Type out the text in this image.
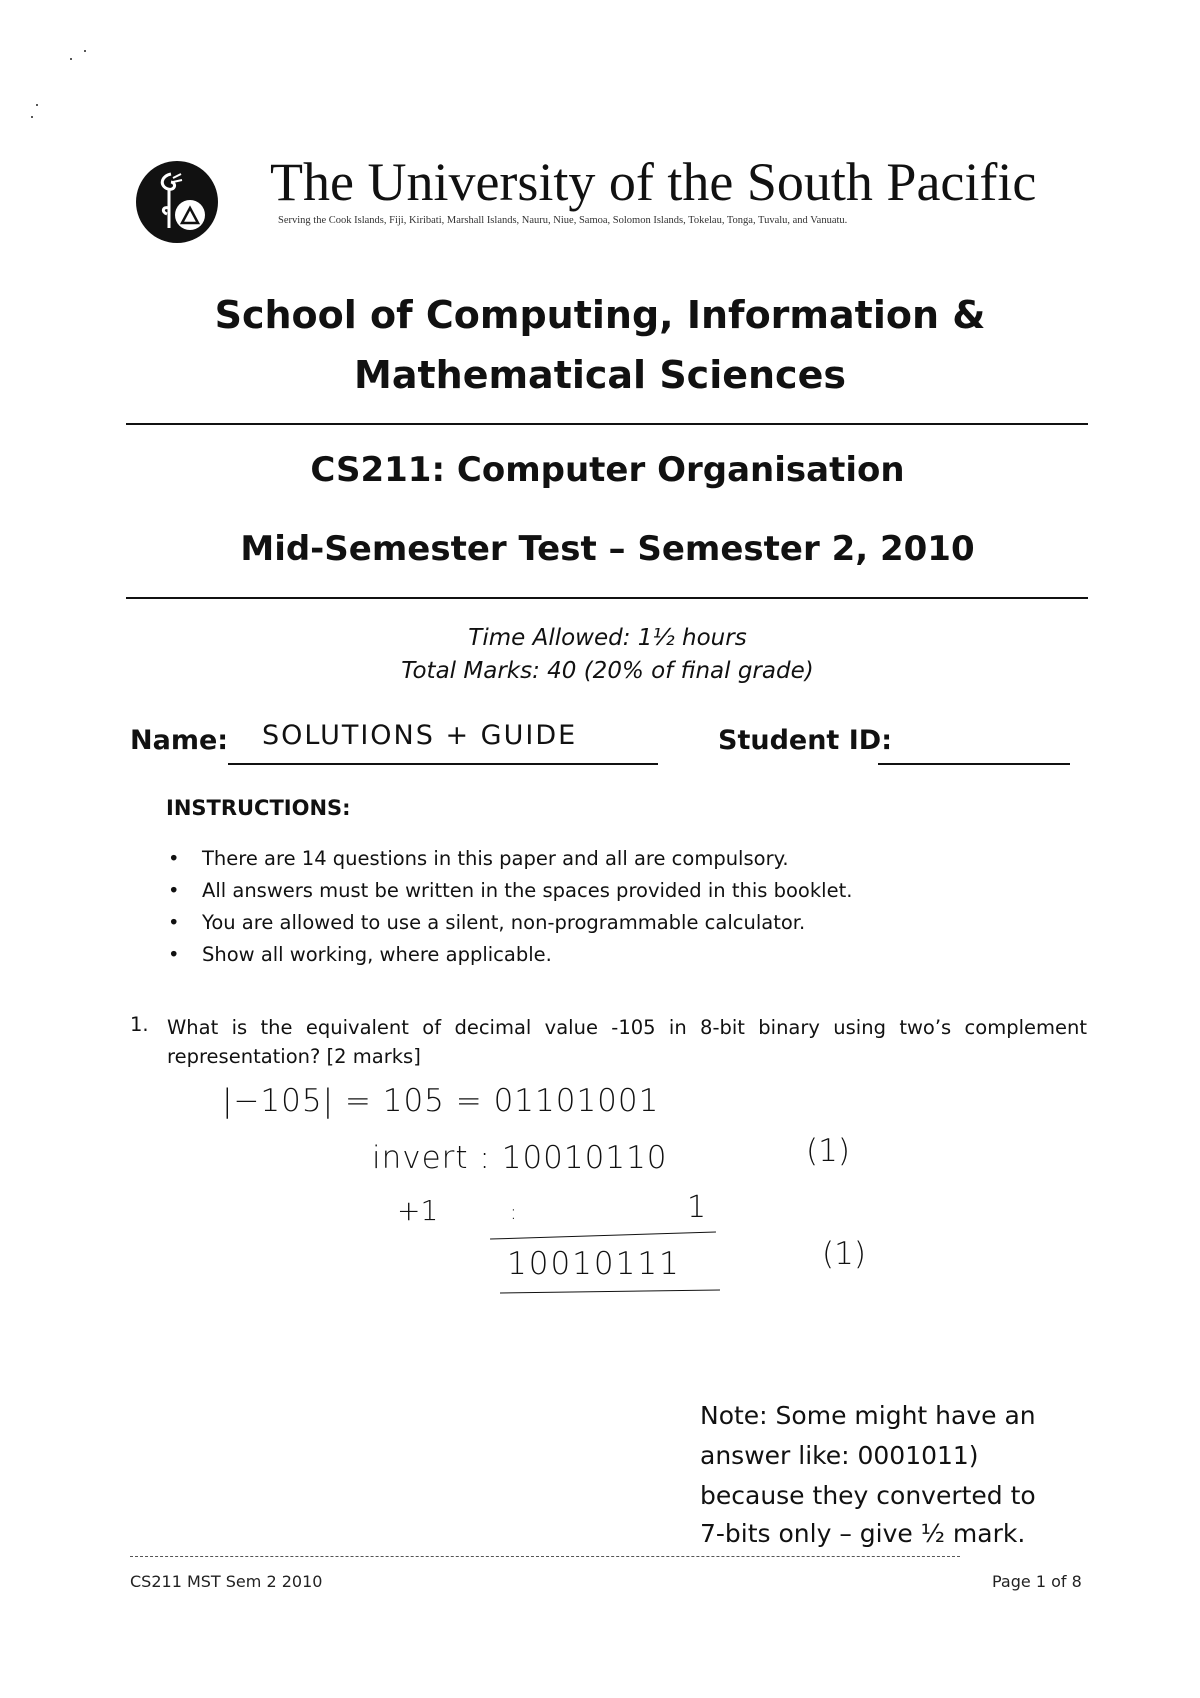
The University of the South Pacific
Serving the Cook Islands, Fiji, Kiribati, Marshall Islands, Nauru, Niue, Samoa, Solomon Islands, Tokelau, Tonga, Tuvalu, and Vanuatu.
School of Computing, Information &
Mathematical Sciences
CS211: Computer Organisation
Mid-Semester Test – Semester 2, 2010
Time Allowed: 1½ hours
Total Marks: 40 (20% of final grade)
Name: SOLUTIONS + GUIDE	Student ID:
INSTRUCTIONS:
• There are 14 questions in this paper and all are compulsory.
• All answers must be written in the spaces provided in this booklet.
• You are allowed to use a silent, non-programmable calculator.
• Show all working, where applicable.
1. What is the equivalent of decimal value -105 in 8-bit binary using two’s complement representation? [2 marks]
|−105| = 105 = 01101001
invert : 10010110	(1)
+1	:	1
10010111	(1)
Note: Some might have an
answer like: 0001011)
because they converted to
7-bits only – give ½ mark.
CS211 MST Sem 2 2010	Page 1 of 8
